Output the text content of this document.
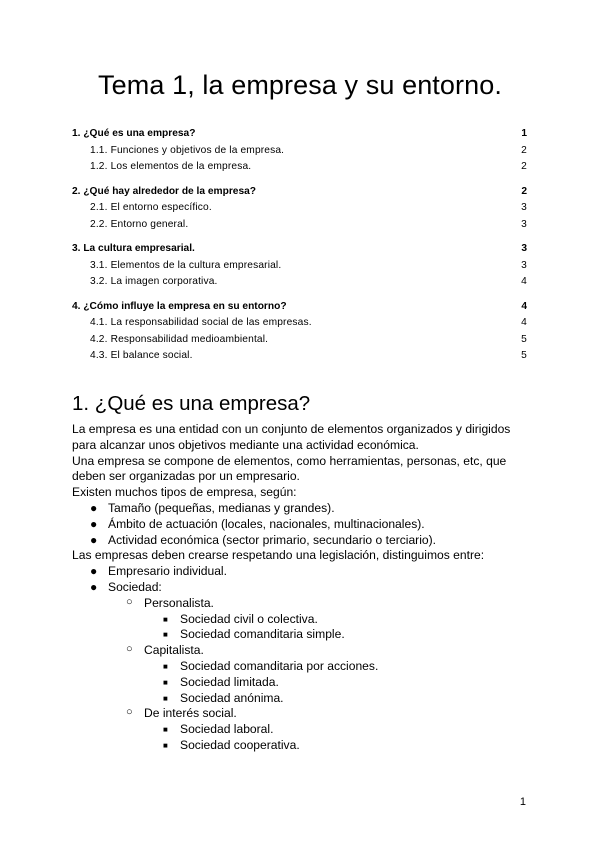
Tema 1, la empresa y su entorno.
1. ¿Qué es una empresa?	1
1.1. Funciones y objetivos de la empresa.	2
1.2. Los elementos de la empresa.	2
2. ¿Qué hay alrededor de la empresa?	2
2.1. El entorno específico.	3
2.2. Entorno general.	3
3. La cultura empresarial.	3
3.1. Elementos de la cultura empresarial.	3
3.2. La imagen corporativa.	4
4. ¿Cómo influye la empresa en su entorno?	4
4.1. La responsabilidad social de las empresas.	4
4.2. Responsabilidad medioambiental.	5
4.3. El balance social.	5
1. ¿Qué es una empresa?

La empresa es una entidad con un conjunto de elementos organizados y dirigidos para alcanzar unos objetivos mediante una actividad económica.

Una empresa se compone de elementos, como herramientas, personas, etc, que deben ser organizadas por un empresario.

Existen muchos tipos de empresa, según:

● Tamaño (pequeñas, medianas y grandes).
● Ámbito de actuación (locales, nacionales, multinacionales).
● Actividad económica (sector primario, secundario o terciario).

Las empresas deben crearse respetando una legislación, distinguimos entre:

● Empresario individual.
● Sociedad:
○ Personalista.
■ Sociedad civil o colectiva.
■ Sociedad comanditaria simple.
○ Capitalista.
■ Sociedad comanditaria por acciones.
■ Sociedad limitada.
■ Sociedad anónima.
○ De interés social.
■ Sociedad laboral.
■ Sociedad cooperativa.
1
